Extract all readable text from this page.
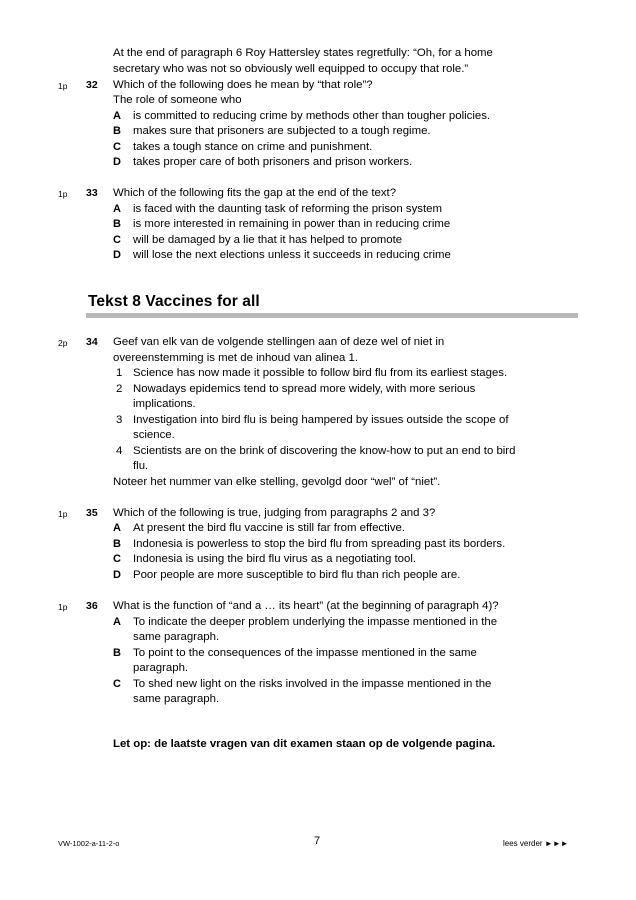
At the end of paragraph 6 Roy Hattersley states regretfully: “Oh, for a home
secretary who was not so obviously well equipped to occupy that role.”
1p 32 Which of the following does he mean by “that role”?
The role of someone who
A is committed to reducing crime by methods other than tougher policies.
B makes sure that prisoners are subjected to a tough regime.
C takes a tough stance on crime and punishment.
D takes proper care of both prisoners and prison workers.
1p 33 Which of the following fits the gap at the end of the text?
A is faced with the daunting task of reforming the prison system
B is more interested in remaining in power than in reducing crime
C will be damaged by a lie that it has helped to promote
D will lose the next elections unless it succeeds in reducing crime
Tekst 8 Vaccines for all
2p 34 Geef van elk van de volgende stellingen aan of deze wel of niet in
overeenstemming is met de inhoud van alinea 1.
1 Science has now made it possible to follow bird flu from its earliest stages.
2 Nowadays epidemics tend to spread more widely, with more serious
implications.
3 Investigation into bird flu is being hampered by issues outside the scope of
science.
4 Scientists are on the brink of discovering the know-how to put an end to bird
flu.
Noteer het nummer van elke stelling, gevolgd door “wel” of “niet”.
1p 35 Which of the following is true, judging from paragraphs 2 and 3?
A At present the bird flu vaccine is still far from effective.
B Indonesia is powerless to stop the bird flu from spreading past its borders.
C Indonesia is using the bird flu virus as a negotiating tool.
D Poor people are more susceptible to bird flu than rich people are.
1p 36 What is the function of “and a … its heart” (at the beginning of paragraph 4)?
A To indicate the deeper problem underlying the impasse mentioned in the
same paragraph.
B To point to the consequences of the impasse mentioned in the same
paragraph.
C To shed new light on the risks involved in the impasse mentioned in the
same paragraph.
Let op: de laatste vragen van dit examen staan op de volgende pagina.
VW-1002-a-11-2-o	7	lees verder ►►►
